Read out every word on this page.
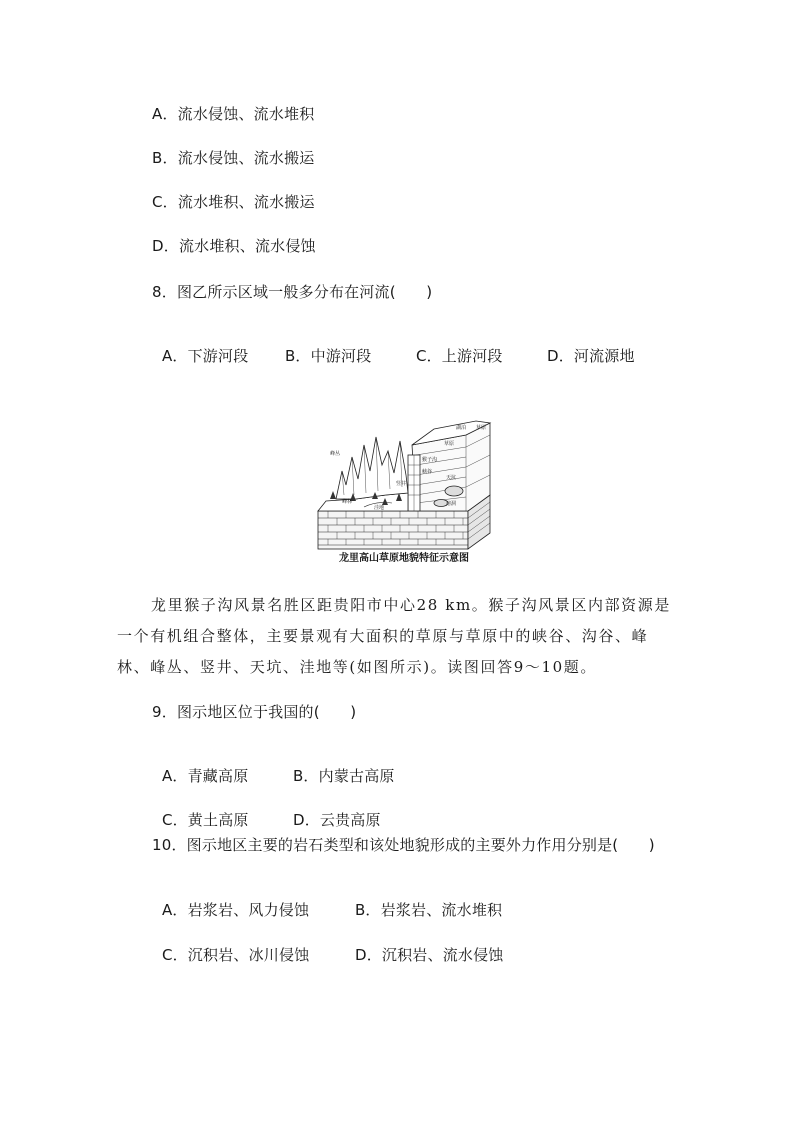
A．流水侵蚀、流水堆积
B．流水侵蚀、流水搬运
C．流水堆积、流水搬运
D．流水堆积、流水侵蚀
8．图乙所示区域一般多分布在河流(　　)

A．下游河段 B．中游河段	C．上游河段	D．河流源地

湖泊 草原
峰丛
草原
猴子沟
峡谷
竖井
天坑
洼地
溶洞
峰林
龙里高山草原地貌特征示意图
龙里猴子沟风景名胜区距贵阳市中心28 km。猴子沟风景区内部资源是一个有机组合整体，主要景观有大面积的草原与草原中的峡谷、沟谷、峰林、峰丛、竖井、天坑、洼地等(如图所示)。读图回答9～10题。
9．图示地区位于我国的(　　)

A．青藏高原	B．内蒙古高原

C．黄土高原	D．云贵高原

10．图示地区主要的岩石类型和该处地貌形成的主要外力作用分别是(　　)

A．岩浆岩、风力侵蚀	B．岩浆岩、流水堆积

C．沉积岩、冰川侵蚀	D．沉积岩、流水侵蚀
